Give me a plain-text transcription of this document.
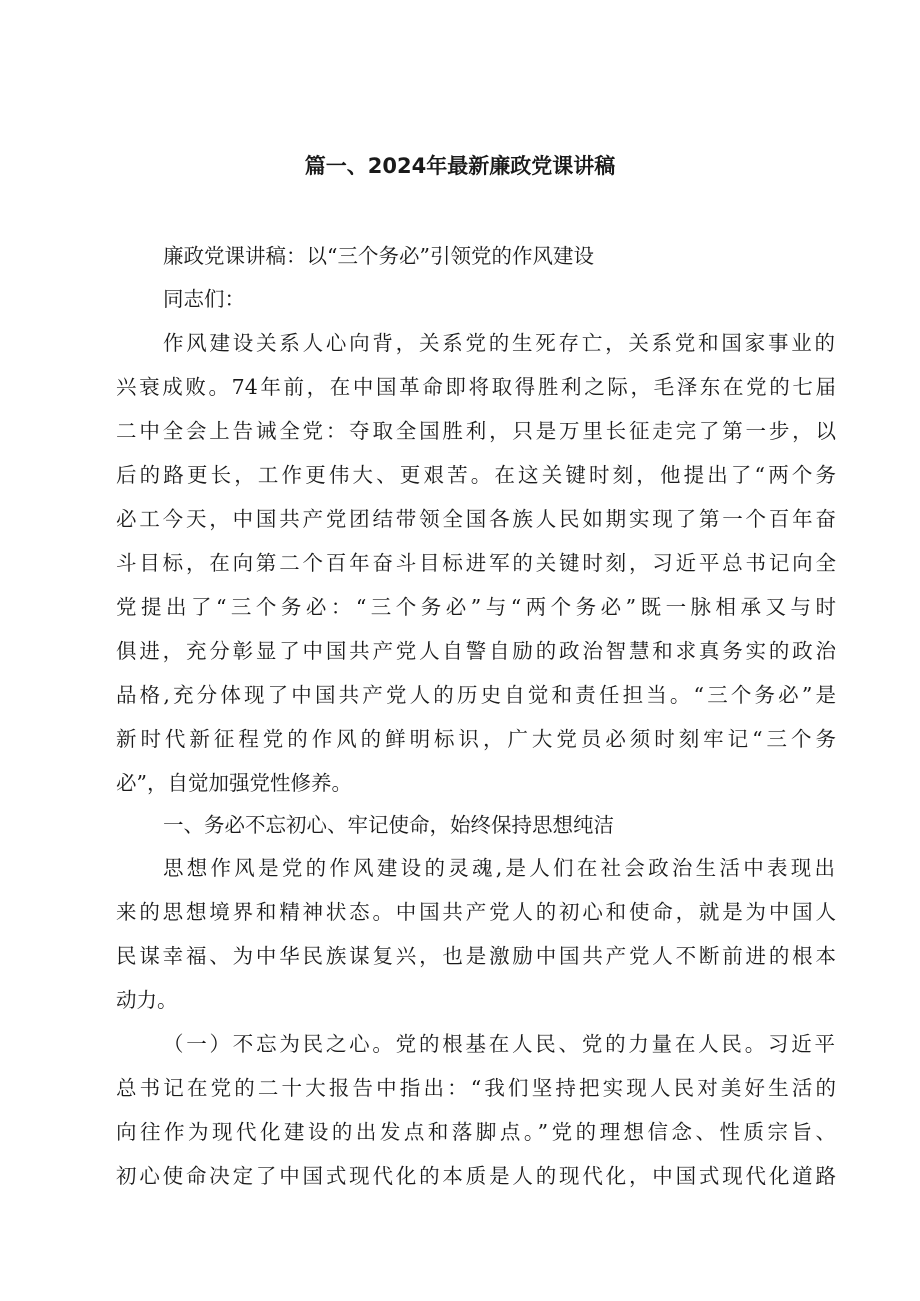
篇一、2024年最新廉政党课讲稿
廉政党课讲稿：以“三个务必”引领党的作风建设
同志们：
作风建设关系人心向背，关系党的生死存亡，关系党和国家事业的
兴衰成败。74年前，在中国革命即将取得胜利之际，毛泽东在党的七届
二中全会上告诫全党：夺取全国胜利，只是万里长征走完了第一步，以
后的路更长，工作更伟大、更艰苦。在这关键时刻，他提出了“两个务
必工今天，中国共产党团结带领全国各族人民如期实现了第一个百年奋
斗目标，在向第二个百年奋斗目标进军的关键时刻，习近平总书记向全
党提出了“三个务必：“三个务必”与“两个务必”既一脉相承又与时
俱进，充分彰显了中国共产党人自警自励的政治智慧和求真务实的政治
品格,充分体现了中国共产党人的历史自觉和责任担当。“三个务必”是
新时代新征程党的作风的鲜明标识，广大党员必须时刻牢记“三个务
必”，自觉加强党性修养。
一、务必不忘初心、牢记使命，始终保持思想纯洁
思想作风是党的作风建设的灵魂,是人们在社会政治生活中表现出
来的思想境界和精神状态。中国共产党人的初心和使命，就是为中国人
民谋幸福、为中华民族谋复兴，也是激励中国共产党人不断前进的根本
动力。
（一）不忘为民之心。党的根基在人民、党的力量在人民。习近平
总书记在党的二十大报告中指出：“我们坚持把实现人民对美好生活的
向往作为现代化建设的出发点和落脚点。”党的理想信念、性质宗旨、
初心使命决定了中国式现代化的本质是人的现代化，中国式现代化道路
